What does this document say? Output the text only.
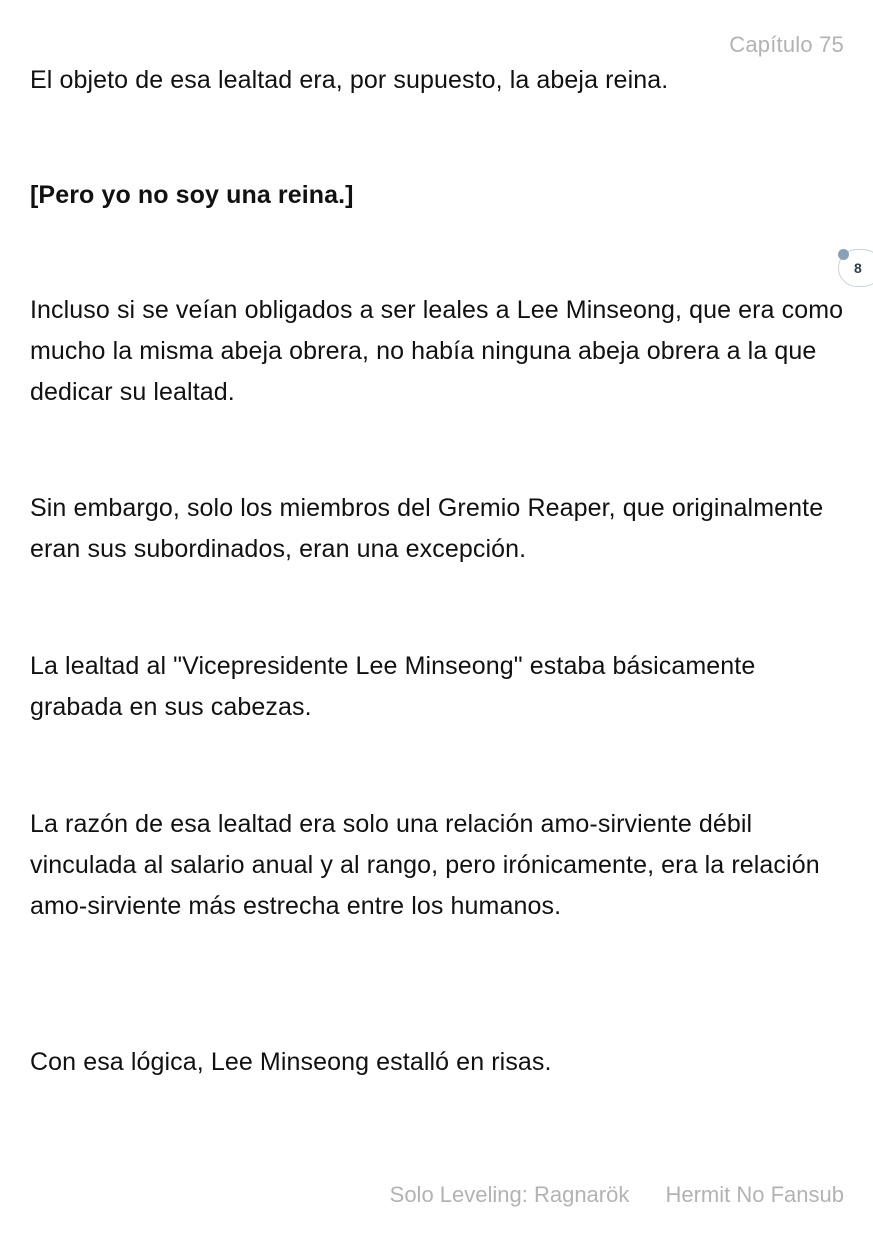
Capítulo 75

El objeto de esa lealtad era, por supuesto, la abeja reina.

[Pero yo no soy una reina.]

Incluso si se veían obligados a ser leales a Lee Minseong, que era como mucho la misma abeja obrera, no había ninguna abeja obrera a la que dedicar su lealtad.

Sin embargo, solo los miembros del Gremio Reaper, que originalmente eran sus subordinados, eran una excepción.

La lealtad al "Vicepresidente Lee Minseong" estaba básicamente grabada en sus cabezas.

La razón de esa lealtad era solo una relación amo-sirviente débil vinculada al salario anual y al rango, pero irónicamente, era la relación amo-sirviente más estrecha entre los humanos.

Con esa lógica, Lee Minseong estalló en risas.

8
Solo Leveling: Ragnarök Hermit No Fansub
